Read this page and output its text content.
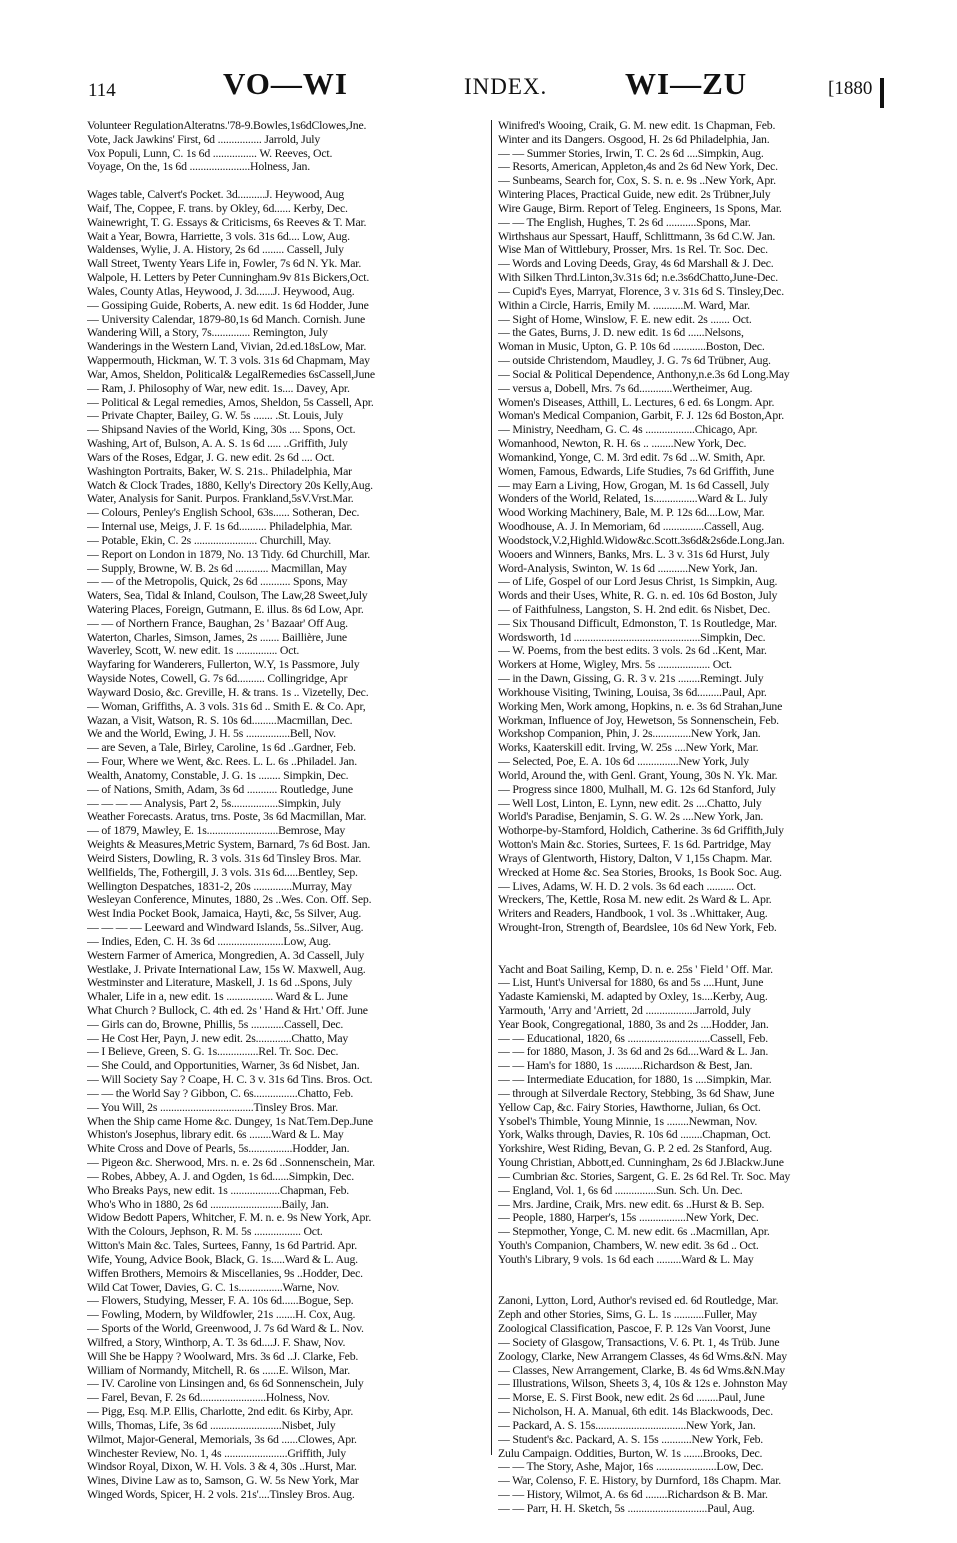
114	VO—WI	INDEX.	WI—ZU	[1880
Volunteer RegulationAlteratns.'78-9.Bowles,1s6dClowes,Jne.
Vote, Jack Jawkins' First, 6d ................ Jarrold, July
Vox Populi, Lunn, C. 1s 6d ................ W. Reeves, Oct.
Voyage, On the, 1s 6d ......................Holness, Jan.
Wages table, Calvert's Pocket. 3d..........J. Heywood, Aug
Waif, The, Coppee, F. trans. by Okley, 6d...... Kerby, Dec.
Wainewright, T. G. Essays & Criticisms, 6s Reeves & T. Mar.
Wait a Year, Bowra, Harriette, 3 vols. 31s 6d.... Low, Aug.
Waldenses, Wylie, J. A. History, 2s 6d ........ Cassell, July
Wall Street, Twenty Years Life in, Fowler, 7s 6d N. Yk. Mar.
Walpole, H. Letters by Peter Cunningham.9v 81s Bickers,Oct.
Wales, County Atlas, Heywood, J. 3d......J. Heywood, Aug.
— Gossiping Guide, Roberts, A. new edit. 1s 6d Hodder, June
— University Calendar, 1879-80,1s 6d Manch. Cornish. June
Wandering Will, a Story, 7s.............. Remington, July
Wanderings in the Western Land, Vivian, 2d.ed.18sLow, Mar.
Wappermouth, Hickman, W. T. 3 vols. 31s 6d Chapmam, May
War, Amos, Sheldon, Political& LegalRemedies 6sCassell,June
— Ram, J. Philosophy of War, new edit. 1s.... Davey, Apr.
— Political & Legal remedies, Amos, Sheldon, 5s Cassell, Apr.
— Private Chapter, Bailey, G. W. 5s ....... .St. Louis, July
— Shipsand Navies of the World, King, 30s .... Spons, Oct.
Washing, Art of, Bulson, A. A. S. 1s 6d ..... ..Griffith, July
Wars of the Roses, Edgar, J. G. new edit. 2s 6d .... Oct.
Washington Portraits, Baker, W. S. 21s.. Philadelphia, Mar
Watch & Clock Trades, 1880, Kelly's Directory 20s Kelly,Aug.
Water, Analysis for Sanit. Purpos. Frankland,5sV.Vrst.Mar.
— Colours, Penley's English School, 63s...... Sotheran, Dec.
— Internal use, Meigs, J. F. 1s 6d.......... Philadelphia, Mar.
— Potable, Ekin, C. 2s ....................... Churchill, May.
— Report on London in 1879, No. 13 Tidy. 6d Churchill, Mar.
— Supply, Browne, W. B. 2s 6d ............ Macmillan, May
— — of the Metropolis, Quick, 2s 6d ........... Spons, May
Waters, Sea, Tidal & Inland, Coulson, The Law,28 Sweet,July
Watering Places, Foreign, Gutmann, E. illus. 8s 6d Low, Apr.
— — of Northern France, Baughan, 2s ' Bazaar' Off Aug.
Waterton, Charles, Simson, James, 2s ....... Baillière, June
Waverley, Scott, W. new edit. 1s ............... Oct.
Wayfaring for Wanderers, Fullerton, W.Y, 1s Passmore, July
Wayside Notes, Cowell, G. 7s 6d.......... Collingridge, Apr
Wayward Dosio, &c. Greville, H. & trans. 1s .. Vizetelly, Dec.
— Woman, Griffiths, A. 3 vols. 31s 6d .. Smith E. & Co. Apr,
Wazan, a Visit, Watson, R. S. 10s 6d.........Macmillan, Dec.
We and the World, Ewing, J. H. 5s ................Bell, Nov.
— are Seven, a Tale, Birley, Caroline, 1s 6d ..Gardner, Feb.
— Four, Where we Went, &c. Rees. L. L. 6s ..Philadel. Jan.
Wealth, Anatomy, Constable, J. G. 1s ........ Simpkin, Dec.
— of Nations, Smith, Adam, 3s 6d ........... Routledge, June
— — — — Analysis, Part 2, 5s.................Simpkin, July
Weather Forecasts. Aratus, trns. Poste, 3s 6d Macmillan, Mar.
— of 1879, Mawley, E. 1s..........................Bemrose, May
Weights & Measures,Metric System, Barnard, 7s 6d Bost. Jan.
Weird Sisters, Dowling, R. 3 vols. 31s 6d Tinsley Bros. Mar.
Wellfields, The, Fothergill, J. 3 vols. 31s 6d.....Bentley, Sep.
Wellington Despatches, 1831-2, 20s ..............Murray, May
Wesleyan Conference, Minutes, 1880, 2s ..Wes. Con. Off. Sep.
West India Pocket Book, Jamaica, Hayti, &c, 5s Silver, Aug.
— — — — Leeward and Windward Islands, 5s..Silver, Aug.
— Indies, Eden, C. H. 3s 6d ........................Low, Aug.
Western Farmer of America, Mongredien, A. 3d Cassell, July
Westlake, J. Private International Law, 15s W. Maxwell, Aug.
Westminster and Literature, Maskell, J. 1s 6d ..Spons, July
Whaler, Life in a, new edit. 1s ................. Ward & L. June
What Church ? Bullock, C. 4th ed. 2s ' Hand & Hrt.' Off. June
— Girls can do, Browne, Phillis, 5s ............Cassell, Dec.
— He Cost Her, Payn, J. new edit. 2s.............Chatto, May
— I Believe, Green, S. G. 1s...............Rel. Tr. Soc. Dec.
— She Could, and Opportunities, Warner, 3s 6d Nisbet, Jan.
— Will Society Say ? Coape, H. C. 3 v. 31s 6d Tins. Bros. Oct.
— — the World Say ? Gibbon, C. 6s................Chatto, Feb.
— You Will, 2s ..................................Tinsley Bros. Mar.
When the Ship came Home &c. Dungey, 1s Nat.Tem.Dep.June
Whiston's Josephus, library edit. 6s ........Ward & L. May
White Cross and Dove of Pearls, 5s................Hodder, Jan.
— Pigeon &c. Sherwood, Mrs. n. e. 2s 6d ..Sonnenschein, Mar.
— Robes, Abbey, A. J. and Ogden, 1s 6d......Simpkin, Dec.
Who Breaks Pays, new edit. 1s ..................Chapman, Feb.
Who's Who in 1880, 2s 6d ..........................Baily, Jan.
Widow Bedott Papers, Whitcher, F. M. n. e. 9s New York, Apr.
With the Colours, Jephson, R. M. 5s ................. Oct.
Witton's Main &c. Tales, Surtees, Fanny, 1s 6d Partrid. Apr.
Wife, Young, Advice Book, Black, G. 1s.....Ward & L. Aug.
Wiffen Brothers, Memoirs & Miscellanies, 9s ..Hodder, Dec.
Wild Cat Tower, Davies, G. C. 1s................Warne, Nov.
— Flowers, Studying, Messer, F. A. 10s 6d......Bogue, Sep.
— Fowling, Modern, by Wildfowler, 21s .......H. Cox, Aug.
— Sports of the World, Greenwood, J. 7s 6d Ward & L. Nov.
Wilfred, a Story, Winthorp, A. T. 3s 6d....J. F. Shaw, Nov.
Will She be Happy ? Woolward, Mrs. 3s 6d ..J. Clarke, Feb.
William of Normandy, Mitchell, R. 6s ......E. Wilson, Mar.
— IV. Caroline von Linsingen and, 6s 6d Sonnenschein, July
— Farel, Bevan, F. 2s 6d........................Holness, Nov.
— Pigg, Esq. M.P. Ellis, Charlotte, 2nd edit. 6s Kirby, Apr.
Wills, Thomas, Life, 3s 6d ..........................Nisbet, July
Wilmot, Major-General, Memorials, 3s 6d ......Clowes, Apr.
Winchester Review, No. 1, 4s .......................Griffith, July
Windsor Royal, Dixon, W. H. Vols. 3 & 4, 30s ..Hurst, Mar.
Wines, Divine Law as to, Samson, G. W. 5s New York, Mar
Winged Words, Spicer, H. 2 vols. 21s'....Tinsley Bros. Aug.
Winifred's Wooing, Craik, G. M. new edit. 1s Chapman, Feb.
Winter and its Dangers. Osgood, H. 2s 6d Philadelphia, Jan.
— — Summer Stories, Irwin, T. C. 2s 6d ....Simpkin, Aug.
— Resorts, American, Appleton,4s and 2s 6d New York, Dec.
— Sunbeams, Search for, Cox, S. S. n. e. 9s ..New York, Apr.
Wintering Places, Practical Guide, new edit. 2s Trübner,July
Wire Gauge, Birm. Report of Teleg. Engineers, 1s Spons, Mar.
— — The English, Hughes, T. 2s 6d ...........Spons, Mar.
Wirthshaus aur Spessart, Hauff, Schlittmann, 3s 6d C.W. Jan.
Wise Man of Wittlebury, Prosser, Mrs. 1s Rel. Tr. Soc. Dec.
— Words and Loving Deeds, Gray, 4s 6d Marshall & J. Dec.
With Silken Thrd.Linton,3v.31s 6d; n.e.3s6dChatto,June-Dec.
— Cupid's Eyes, Marryat, Florence, 3 v. 31s 6d S. Tinsley,Dec.
Within a Circle, Harris, Emily M. ...........M. Ward, Mar.
— Sight of Home, Winslow, F. E. new edit. 2s ....... Oct.
— the Gates, Burns, J. D. new edit. 1s 6d ......Nelsons,
Woman in Music, Upton, G. P. 10s 6d ............Boston, Dec.
— outside Christendom, Maudley, J. G. 7s 6d Trübner, Aug.
— Social & Political Dependence, Anthony,n.e.3s 6d Long.May
— versus a, Dobell, Mrs. 7s 6d............Wertheimer, Aug.
Women's Diseases, Atthill, L. Lectures, 6 ed. 6s Longm. Apr.
Woman's Medical Companion, Garbit, F. J. 12s 6d Boston,Apr.
— Ministry, Needham, G. C. 4s ..................Chicago, Apr.
Womanhood, Newton, R. H. 6s .. ........New York, Dec.
Womankind, Yonge, C. M. 3rd edit. 7s 6d ...W. Smith, Apr.
Women, Famous, Edwards, Life Studies, 7s 6d Griffith, June
— may Earn a Living, How, Grogan, M. 1s 6d Cassell, July
Wonders of the World, Related, 1s................Ward & L. July
Wood Working Machinery, Bale, M. P. 12s 6d....Low, Mar.
Woodhouse, A. J. In Memoriam, 6d ...............Cassell, Aug.
Woodstock,V.2,Highld.Widow&c.Scott.3s6d&2s6de.Long.Jan.
Wooers and Winners, Banks, Mrs. L. 3 v. 31s 6d Hurst, July
Word-Analysis, Swinton, W. 1s 6d ...........New York, Jan.
— of Life, Gospel of our Lord Jesus Christ, 1s Simpkin, Aug.
Words and their Uses, White, R. G. n. ed. 10s 6d Boston, July
— of Faithfulness, Langston, S. H. 2nd edit. 6s Nisbet, Dec.
— Six Thousand Difficult, Edmonston, T. 1s Routledge, Mar.
Wordsworth, 1d ..............................................Simpkin, Dec.
— W. Poems, from the best edits. 3 vols. 2s 6d ..Kent, Mar.
Workers at Home, Wigley, Mrs. 5s ................... Oct.
— in the Dawn, Gissing, G. R. 3 v. 21s ........Remingt. July
Workhouse Visiting, Twining, Louisa, 3s 6d.........Paul, Apr.
Working Men, Work among, Hopkins, n. e. 3s 6d Strahan,June
Workman, Influence of Joy, Hewetson, 5s Sonnenschein, Feb.
Workshop Companion, Phin, J. 2s..............New York, Jan.
Works, Kaaterskill edit. Irving, W. 25s ....New York, Mar.
— Selected, Poe, E. A. 10s 6d ...............New York, July
World, Around the, with Genl. Grant, Young, 30s N. Yk. Mar.
— Progress since 1800, Mulhall, M. G. 12s 6d Stanford, July
— Well Lost, Linton, E. Lynn, new edit. 2s ....Chatto, July
World's Paradise, Benjamin, S. G. W. 2s ....New York, Jan.
Wothorpe-by-Stamford, Holdich, Catherine. 3s 6d Griffith,July
Wotton's Main &c. Stories, Surtees, F. 1s 6d. Partridge, May
Wrays of Glentworth, History, Dalton, V 1,15s Chapm. Mar.
Wrecked at Home &c. Sea Stories, Brooks, 1s Book Soc. Aug.
— Lives, Adams, W. H. D. 2 vols. 3s 6d each .......... Oct.
Wreckers, The, Kettle, Rosa M. new edit. 2s Ward & L. Apr.
Writers and Readers, Handbook, 1 vol. 3s ..Whittaker, Aug.
Wrought-Iron, Strength of, Beardslee, 10s 6d New York, Feb.
Yacht and Boat Sailing, Kemp, D. n. e. 25s ' Field ' Off. Mar.
— List, Hunt's Universal for 1880, 6s and 5s ....Hunt, June
Yadaste Kamienski, M. adapted by Oxley, 1s....Kerby, Aug.
Yarmouth, 'Arry and 'Arriett, 2d ..................Jarrold, July
Year Book, Congregational, 1880, 3s and 2s ....Hodder, Jan.
— — Educational, 1820, 6s ..............................Cassell, Feb.
— — for 1880, Mason, J. 3s 6d and 2s 6d....Ward & L. Jan.
— — Ham's for 1880, 1s ..........Richardson & Best, Jan.
— — Intermediate Education, for 1880, 1s ....Simpkin, Mar.
— through at Silverdale Rectory, Stebbing, 3s 6d Shaw, June
Yellow Cap, &c. Fairy Stories, Hawthorne, Julian, 6s Oct.
Ysobel's Thimble, Young Minnie, 1s ........Newman, Nov.
York, Walks through, Davies, R. 10s 6d ........Chapman, Oct.
Yorkshire, West Riding, Bevan, G. P. 2 ed. 2s Stanford, Aug.
Young Christian, Abbott,ed. Cunningham, 2s 6d J.Blackw.June
— Cumbrian &c. Stories, Sargent, G. E. 2s 6d Rel. Tr. Soc. May
— England, Vol. 1, 6s 6d ...............Sun. Sch. Un. Dec.
— Mrs. Jardine, Craik, Mrs. new edit. 6s ..Hurst & B. Sep.
— People, 1880, Harper's, 15s .................New York, Dec.
— Stepmother, Yonge, C. M. new edit. 6s ..Macmillan, Apr.
Youth's Companion, Chambers, W. new edit. 3s 6d .. Oct.
Youth's Library, 9 vols. 1s 6d each .........Ward & L. May
Zanoni, Lytton, Lord, Author's revised ed. 6d Routledge, Mar.
Zeph and other Stories, Sims, G. L. 1s ...........Fuller, May
Zoological Classification, Pascoe, F. P. 12s Van Voorst, June
— Society of Glasgow, Transactions, V. 6. Pt. 1, 4s Trüb. June
Zoology, Clarke, New Arrangem Classes, 4s 6d Wms.&N. May
— Classes, New Arrangement, Clarke, B. 4s 6d Wms.&N.May
— Illustrations, Wilson, Sheets 3, 4, 10s & 12s e. Johnston May
— Morse, E. S. First Book, new edit. 2s 6d ........Paul, June
— Nicholson, H. A. Manual, 6th edit. 14s Blackwoods, Dec.
— Packard, A. S. 15s.................................New York, Jan.
— Student's &c. Packard, A. S. 15s ...........New York, Feb.
Zulu Campaign. Oddities, Burton, W. 1s .......Brooks, Dec.
— — The Story, Ashe, Major, 16s ......................Low, Dec.
— War, Colenso, F. E. History, by Durnford, 18s Chapm. Mar.
— — History, Wilmot, A. 6s 6d ........Richardson & B. Mar.
— — Parr, H. H. Sketch, 5s .............................Paul, Aug.
